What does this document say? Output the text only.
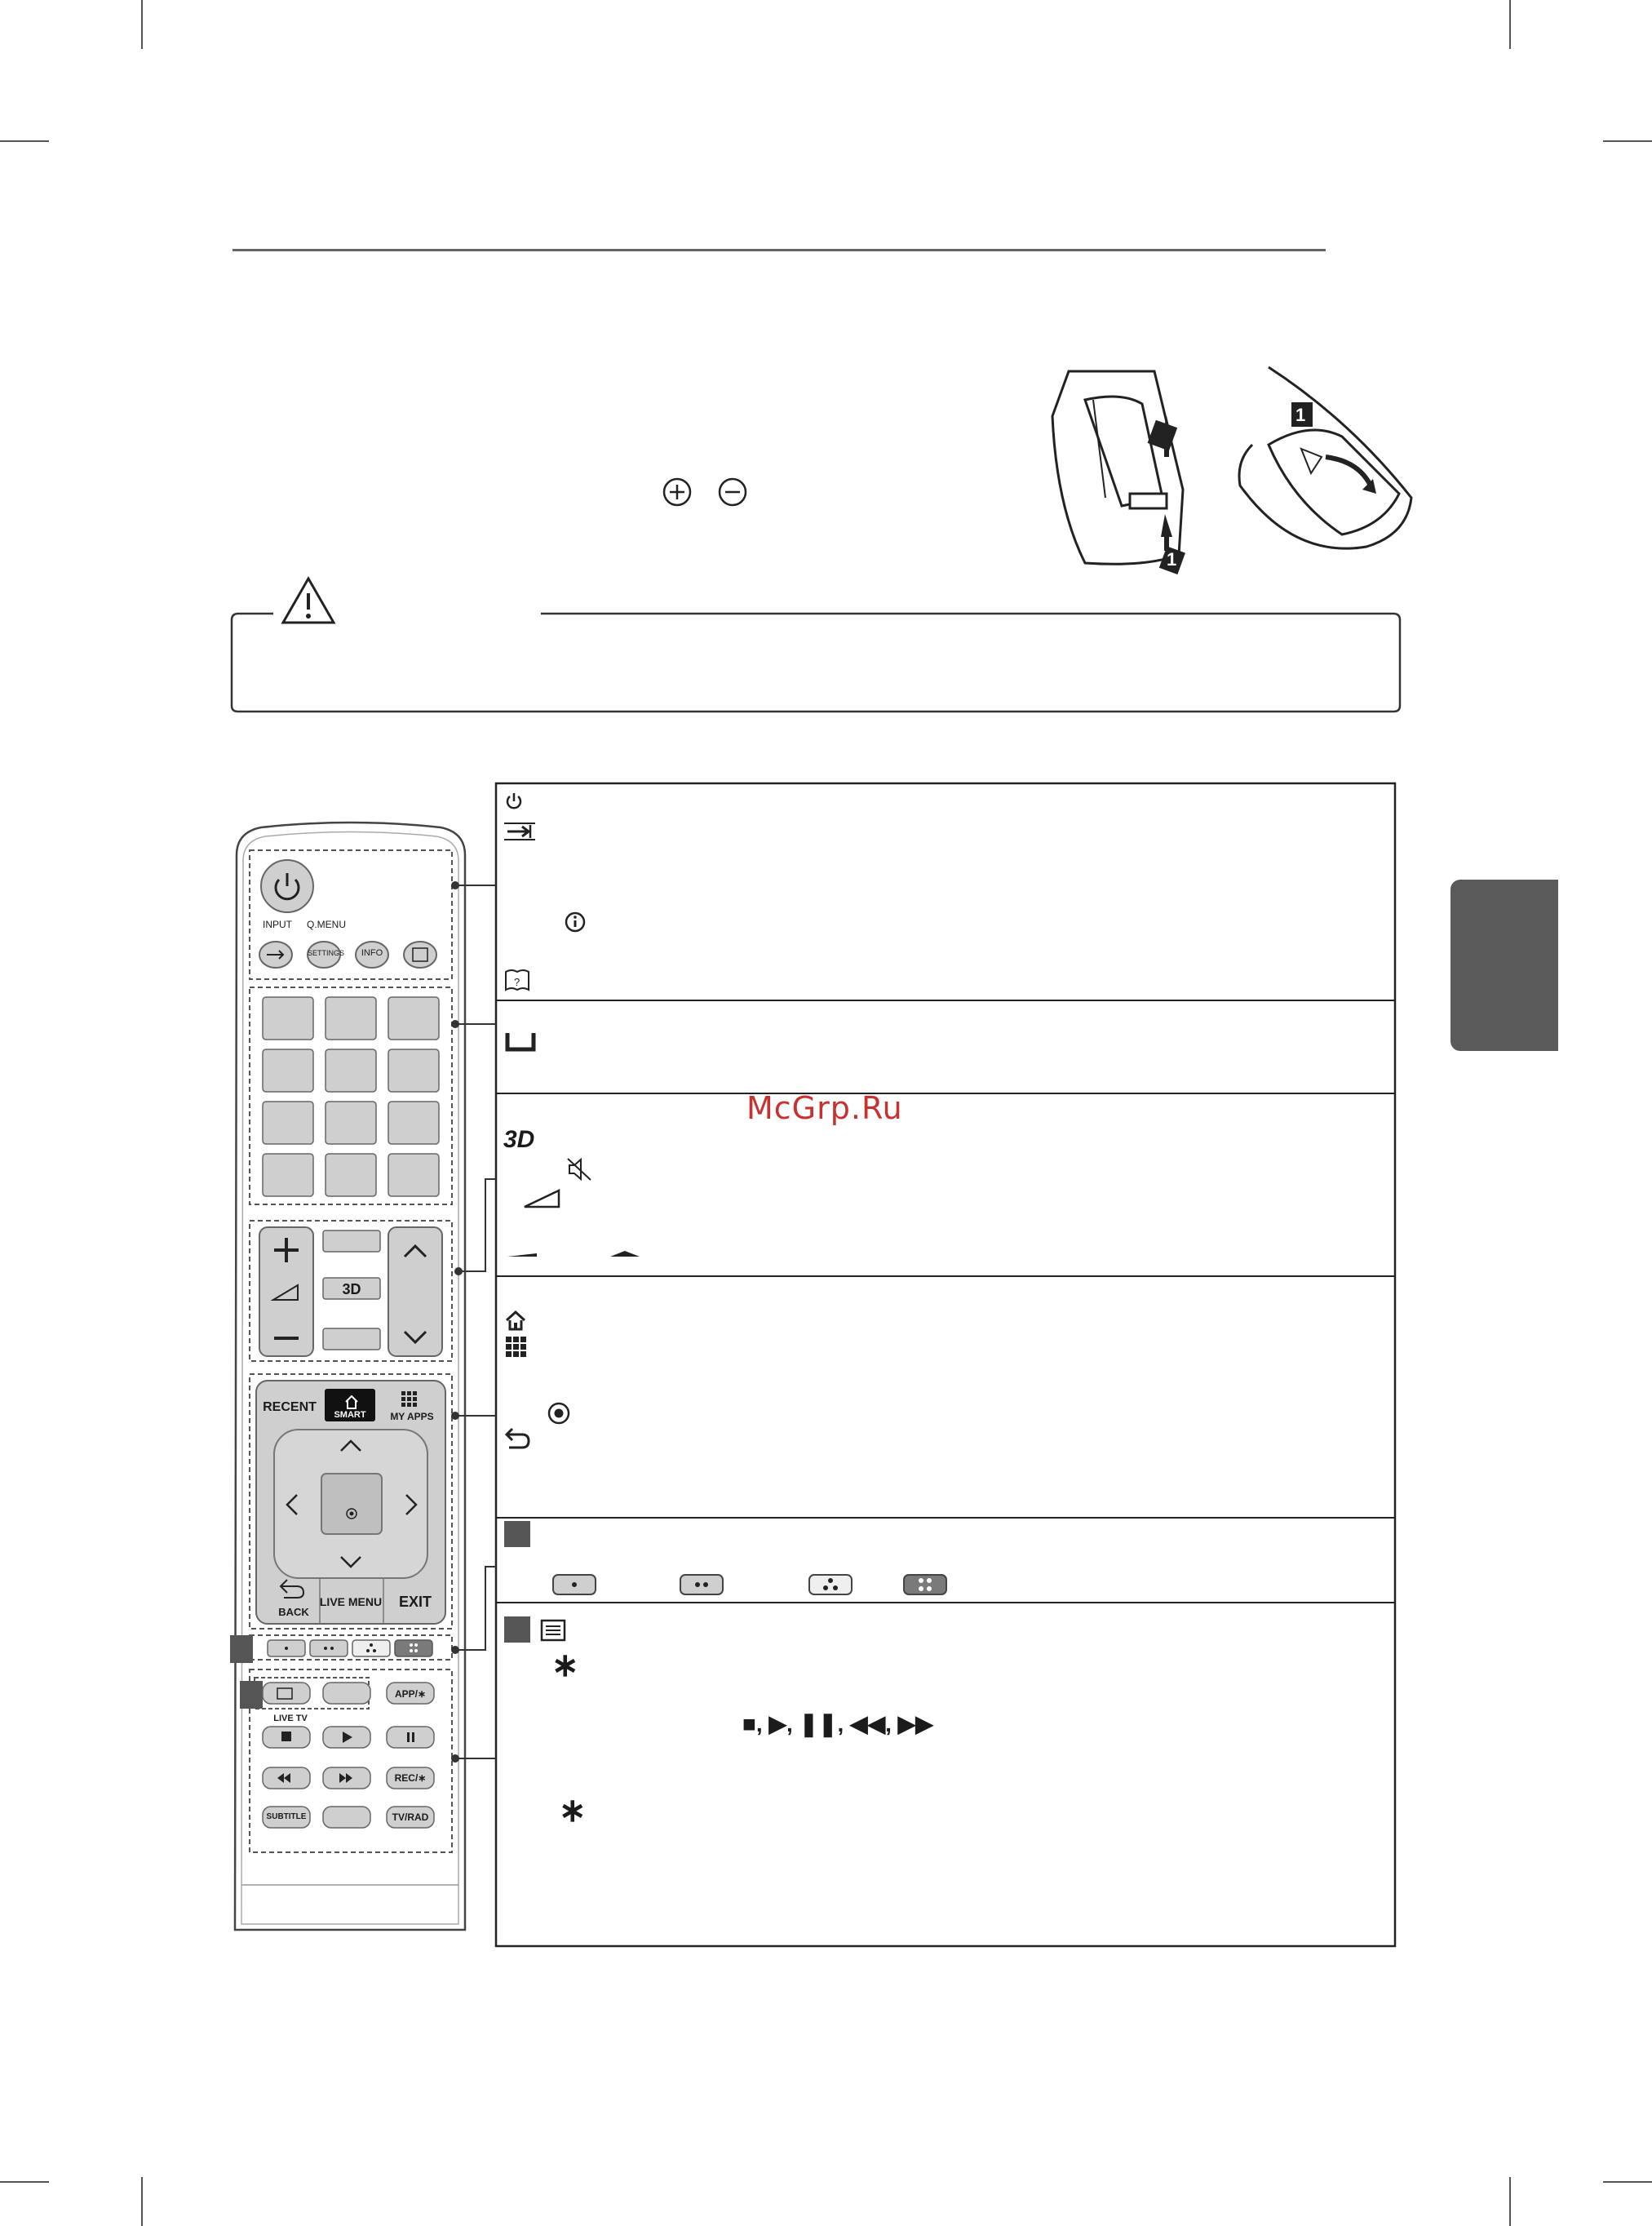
2
1
1
McGrp.Ru
INPUT	Q.MENU
SETTINGS	INFO
3D
RECENT
SMART	MY APPS
BACK
LIVE MENU	EXIT
APP/∗
LIVE TV
REC/∗
SUBTITLE	TV/RAD
?
3D
∗
■, ▶, ❚❚, ◀◀, ▶▶
∗
